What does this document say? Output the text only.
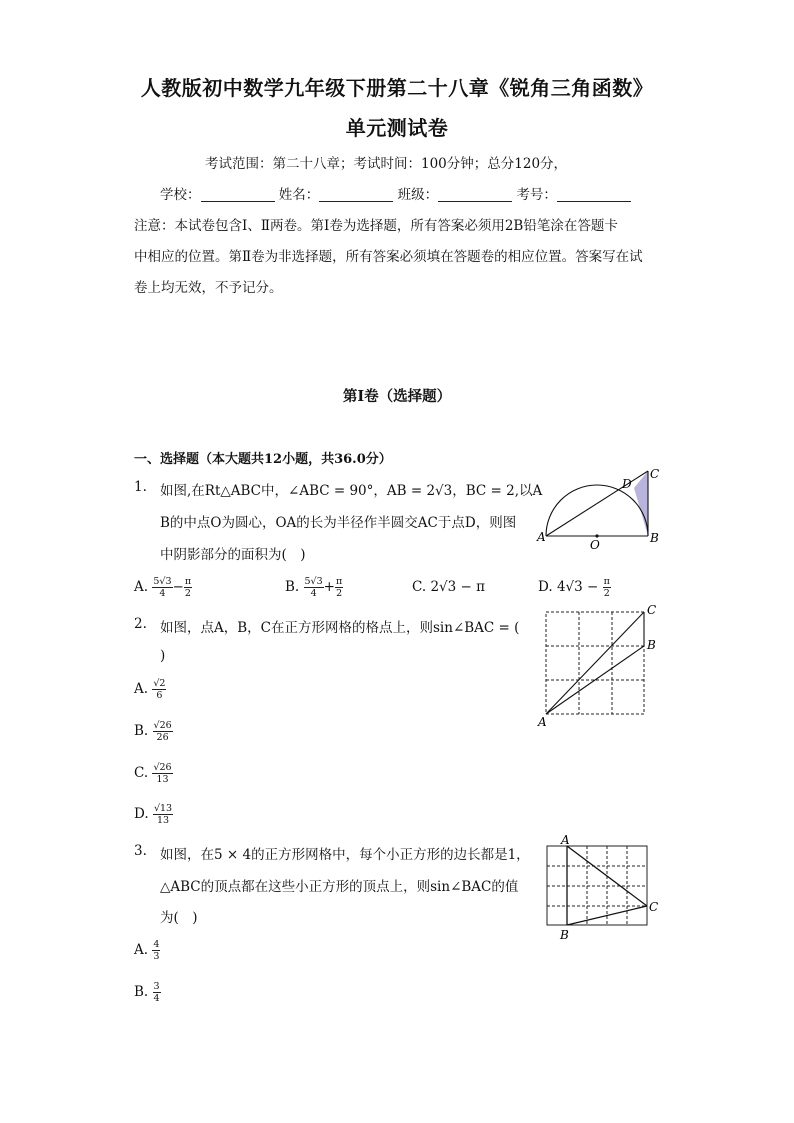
人教版初中数学九年级下册第二十八章《锐角三角函数》
单元测试卷
考试范围：第二十八章；考试时间：100分钟；总分120分，
学校：	姓名：	班级：	考号：
注意：本试卷包含Ⅰ、Ⅱ两卷。第Ⅰ卷为选择题，所有答案必须用2B铅笔涂在答题卡
中相应的位置。第Ⅱ卷为非选择题，所有答案必须填在答题卷的相应位置。答案写在试
卷上均无效，不予记分。
第Ⅰ卷（选择题）
一、选择题（本大题共12小题，共36.0分）
1. 如图,在Rt△ABC中，∠ABC = 90°，AB = 2√3，BC = 2,以A
B的中点O为圆心，OA的长为半径作半圆交AC于点D，则图
中阴影部分的面积为(　)
A. $\frac{5√3}{4} - \frac{\pi}{2}$	B. $\frac{5√3}{4} + \frac{\pi}{2}$	C. 2√3 − π	D. $4√3 - \frac{\pi}{2}$
A	B
C
D
O
2. 如图，点A，B，C在正方形网格的格点上，则sin∠BAC = (
)
A. $\frac{√2}{6}$
B. $\frac{√26}{26}$
C. $\frac{√26}{13}$
D. $\frac{√13}{13}$
A
B
C
3. 如图，在5 × 4的正方形网格中，每个小正方形的边长都是1，
△ABC的顶点都在这些小正方形的顶点上，则sin∠BAC的值
为(　)
A. $\frac{4}{3}$
B. $\frac{3}{4}$
A
B
C
